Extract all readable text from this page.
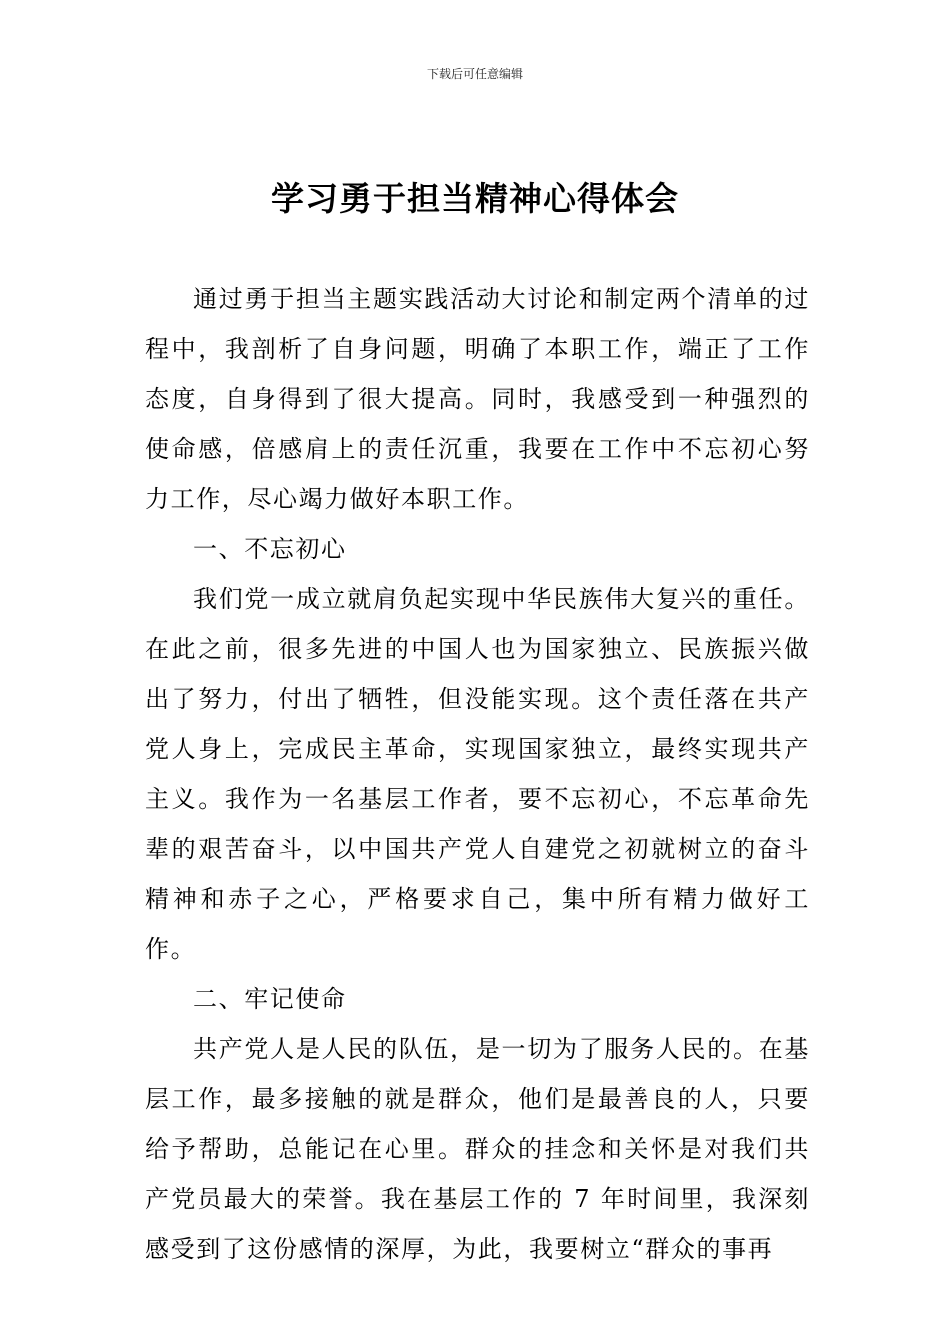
下载后可任意编辑
学习勇于担当精神心得体会

通过勇于担当主题实践活动大讨论和制定两个清单的过程中，我剖析了自身问题，明确了本职工作，端正了工作态度，自身得到了很大提高。同时，我感受到一种强烈的使命感，倍感肩上的责任沉重，我要在工作中不忘初心努力工作，尽心竭力做好本职工作。

一、不忘初心

我们党一成立就肩负起实现中华民族伟大复兴的重任。在此之前，很多先进的中国人也为国家独立、民族振兴做出了努力，付出了牺牲，但没能实现。这个责任落在共产党人身上，完成民主革命，实现国家独立，最终实现共产主义。我作为一名基层工作者，要不忘初心，不忘革命先辈的艰苦奋斗，以中国共产党人自建党之初就树立的奋斗精神和赤子之心，严格要求自己，集中所有精力做好工作。

二、牢记使命

共产党人是人民的队伍，是一切为了服务人民的。在基层工作，最多接触的就是群众，他们是最善良的人，只要给予帮助，总能记在心里。群众的挂念和关怀是对我们共产党员最大的荣誉。我在基层工作的 7 年时间里，我深刻感受到了这份感情的深厚，为此，我要树立“群众的事再
